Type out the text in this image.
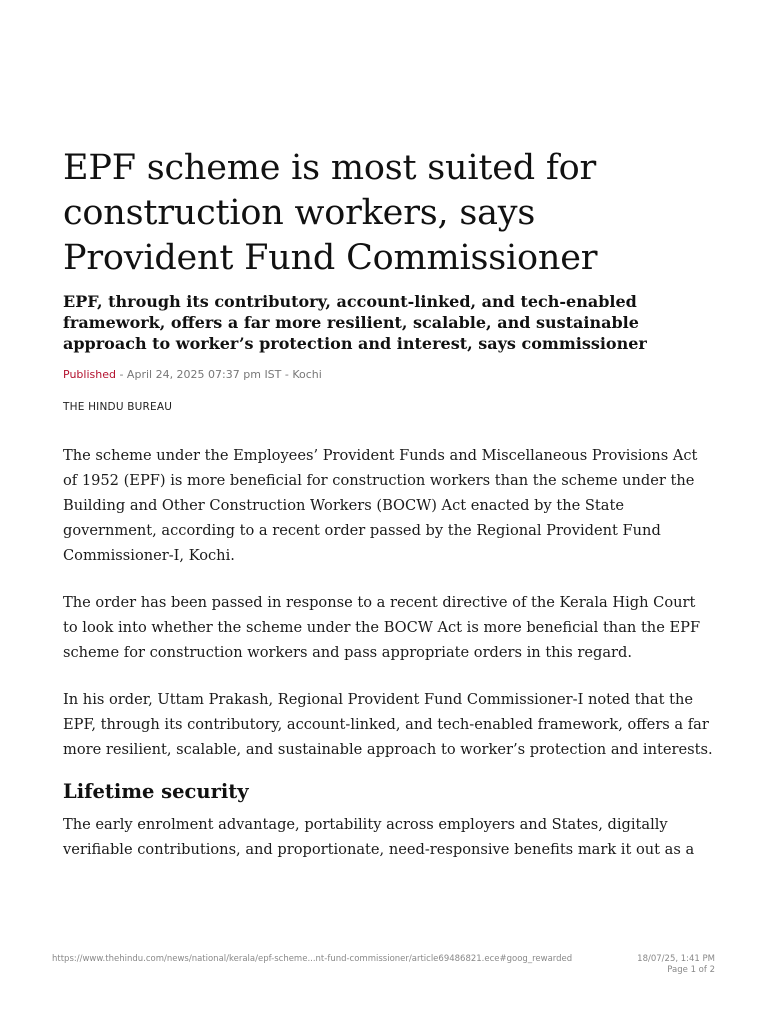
EPF scheme is most suited for construction workers, says Provident Fund Commissioner

EPF, through its contributory, account-linked, and tech-enabled framework, offers a far more resilient, scalable, and sustainable approach to worker’s protection and interest, says commissioner

Published - April 24, 2025 07:37 pm IST - Kochi
THE HINDU BUREAU

The scheme under the Employees’ Provident Funds and Miscellaneous Provisions Act of 1952 (EPF) is more beneficial for construction workers than the scheme under the Building and Other Construction Workers (BOCW) Act enacted by the State government, according to a recent order passed by the Regional Provident Fund Commissioner-I, Kochi.

The order has been passed in response to a recent directive of the Kerala High Court to look into whether the scheme under the BOCW Act is more beneficial than the EPF scheme for construction workers and pass appropriate orders in this regard.

In his order, Uttam Prakash, Regional Provident Fund Commissioner-I noted that the EPF, through its contributory, account-linked, and tech-enabled framework, offers a far more resilient, scalable, and sustainable approach to worker’s protection and interests.

Lifetime security

The early enrolment advantage, portability across employers and States, digitally verifiable contributions, and proportionate, need-responsive benefits mark it out as a

https://www.thehindu.com/news/national/kerala/epf-scheme...nt-fund-commissioner/article69486821.ece#goog_rewarded	18/07/25, 1:41 PM
Page 1 of 2
